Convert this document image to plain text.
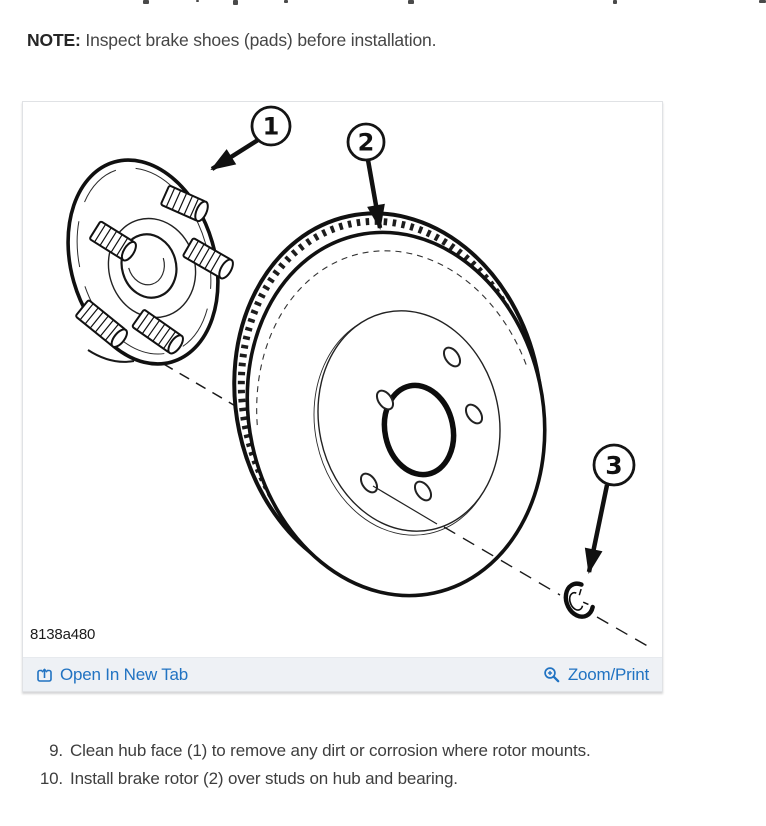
NOTE: Inspect brake shoes (pads) before installation.
1
2
3
8138a480
Open In New Tab	Zoom/Print
9. Clean hub face (1) to remove any dirt or corrosion where rotor mounts.
10. Install brake rotor (2) over studs on hub and bearing.
